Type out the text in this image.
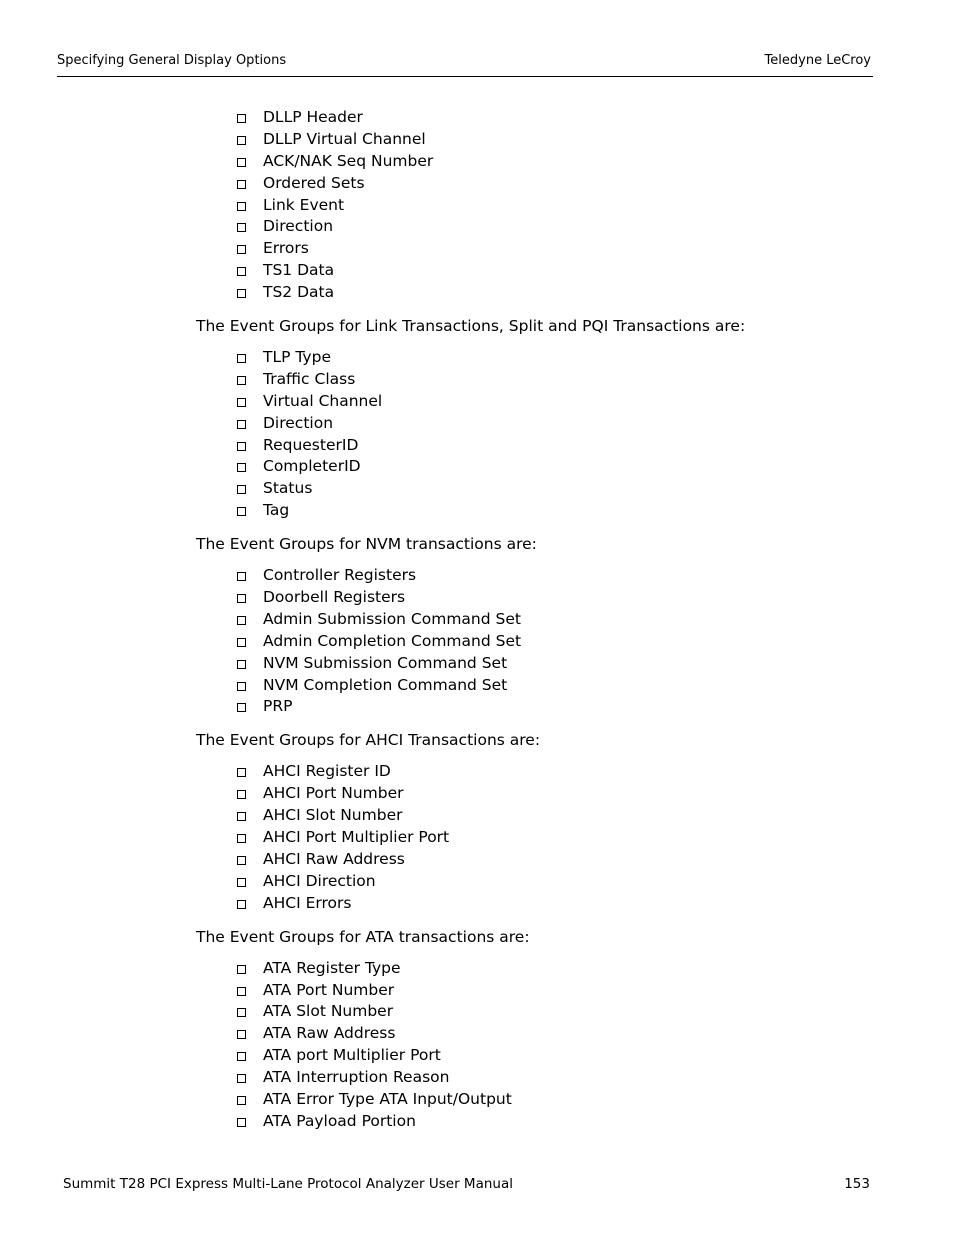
Specifying General Display Options	Teledyne LeCroy
DLLP Header
DLLP Virtual Channel
ACK/NAK Seq Number
Ordered Sets
Link Event
Direction
Errors
TS1 Data
TS2 Data

The Event Groups for Link Transactions, Split and PQI Transactions are:

TLP Type
Traffic Class
Virtual Channel
Direction
RequesterID
CompleterID
Status
Tag

The Event Groups for NVM transactions are:

Controller Registers
Doorbell Registers
Admin Submission Command Set
Admin Completion Command Set
NVM Submission Command Set
NVM Completion Command Set
PRP

The Event Groups for AHCI Transactions are:

AHCI Register ID
AHCI Port Number
AHCI Slot Number
AHCI Port Multiplier Port
AHCI Raw Address
AHCI Direction
AHCI Errors

The Event Groups for ATA transactions are:

ATA Register Type
ATA Port Number
ATA Slot Number
ATA Raw Address
ATA port Multiplier Port
ATA Interruption Reason
ATA Error Type ATA Input/Output
ATA Payload Portion
Summit T28 PCI Express Multi-Lane Protocol Analyzer User Manual	153
